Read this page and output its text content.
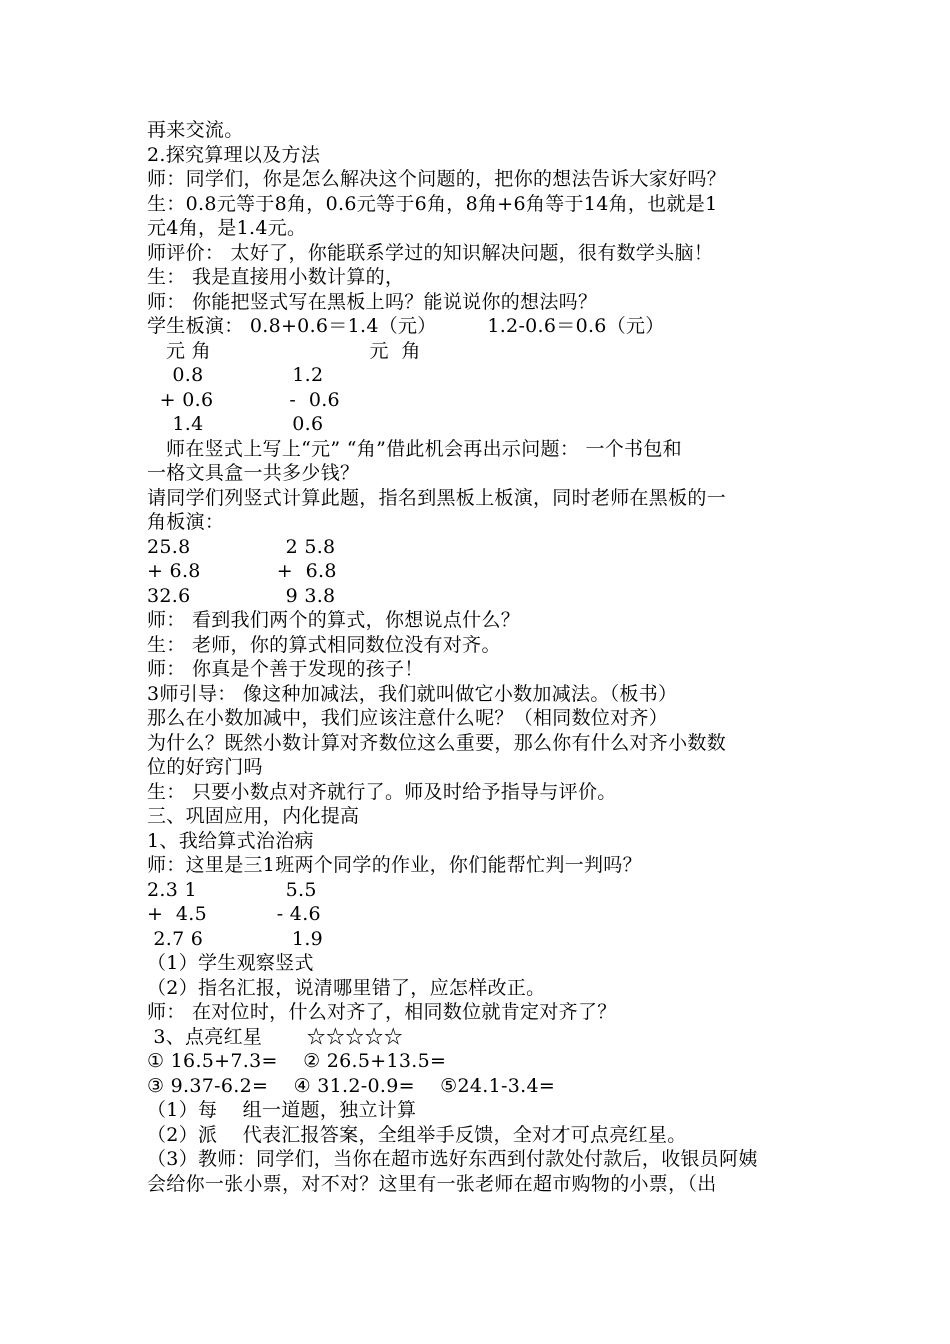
再来交流。
2.探究算理以及方法
师：同学们，你是怎么解决这个问题的，把你的想法告诉大家好吗？
生：0.8元等于8角，0.6元等于6角，8角+6角等于14角，也就是1
元4角，是1.4元。
师评价： 太好了，你能联系学过的知识解决问题，很有数学头脑！
生： 我是直接用小数计算的，
师： 你能把竖式写在黑板上吗？能说说你的想法吗？
学生板演： 0.8+0.6＝1.4（元）        1.2-0.6＝0.6（元）
元 角                         元  角
0.8              1.2
+ 0.6            -  0.6
1.4              0.6
师在竖式上写上“元” “角”借此机会再出示问题： 一个书包和
一格文具盒一共多少钱？
请同学们列竖式计算此题，指名到黑板上板演，同时老师在黑板的一
角板演：
25.8               2 5.8
+ 6.8            +  6.8
32.6               9 3.8
师： 看到我们两个的算式，你想说点什么？
生： 老师，你的算式相同数位没有对齐。
师： 你真是个善于发现的孩子！
3师引导： 像这种加减法，我们就叫做它小数加减法。（板书）
那么在小数加减中，我们应该注意什么呢？（相同数位对齐）
为什么？既然小数计算对齐数位这么重要，那么你有什么对齐小数数
位的好窍门吗
生： 只要小数点对齐就行了。师及时给予指导与评价。
三、巩固应用，内化提高
1、我给算式治治病
师：这里是三1班两个同学的作业，你们能帮忙判一判吗？
2.3 1              5.5
+  4.5           - 4.6
2.7 6              1.9
（1）学生观察竖式
（2）指名汇报，说清哪里错了，应怎样改正。
师： 在对位时，什么对齐了，相同数位就肯定对齐了？
3、点亮红星       ☆☆☆☆☆
① 16.5+7.3=    ② 26.5+13.5=
③ 9.37-6.2=    ④ 31.2-0.9=    ⑤24.1-3.4=
（1）每    组一道题，独立计算
（2）派    代表汇报答案，全组举手反馈，全对才可点亮红星。
（3）教师：同学们，当你在超市选好东西到付款处付款后，收银员阿姨
会给你一张小票，对不对？这里有一张老师在超市购物的小票，（出
